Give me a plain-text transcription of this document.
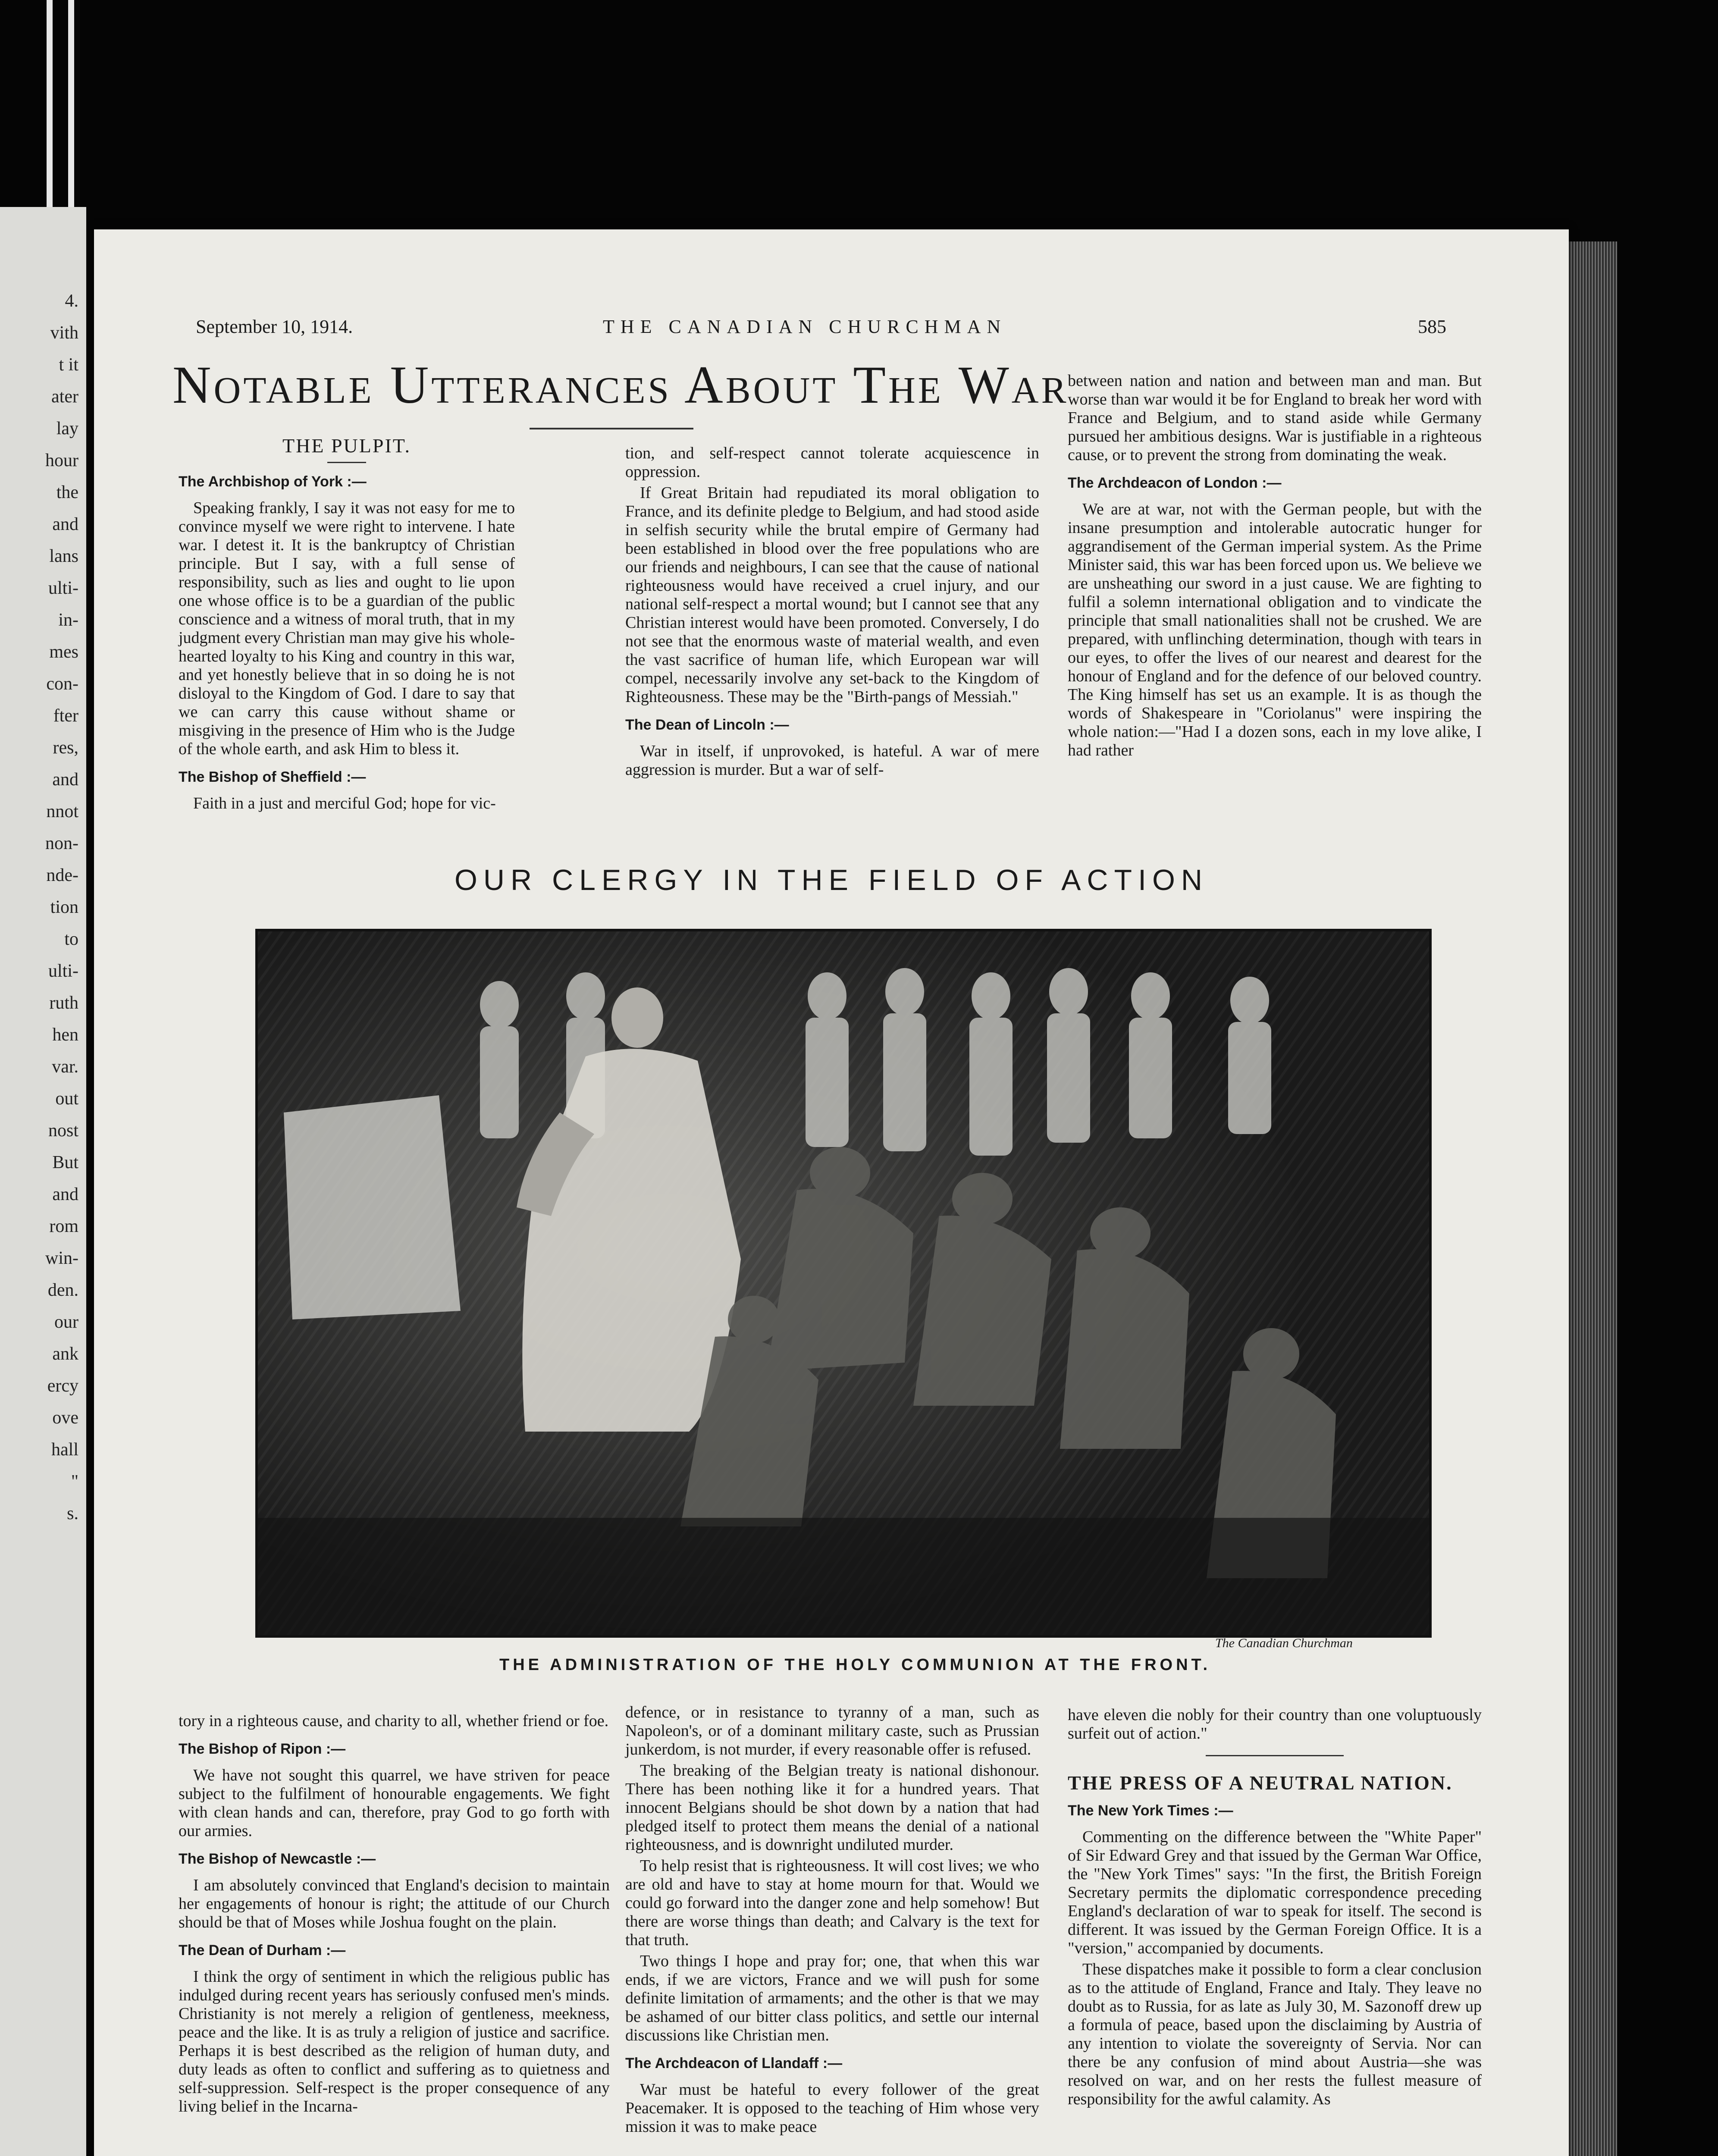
4.
vith
t it
ater
lay
hour
the
and
lans
ulti-
in-
mes
con-
fter
res,
and
nnot
non-
nde-
tion
to
ulti-
ruth
hen
var.
out
nost
But
and
rom
win-
den.
our
ank
ercy
ove
hall
"
s.
September 10, 1914.	THE CANADIAN CHURCHMAN	585
Notable Utterances About The War
THE PULPIT.
The Archbishop of York :—

Speaking frankly, I say it was not easy for me to convince myself we were right to intervene. I hate war. I detest it. It is the bankruptcy of Christian principle. But I say, with a full sense of responsibility, such as lies and ought to lie upon one whose office is to be a guardian of the public conscience and a witness of moral truth, that in my judgment every Christian man may give his whole-hearted loyalty to his King and country in this war, and yet honestly believe that in so doing he is not disloyal to the Kingdom of God. I dare to say that we can carry this cause without shame or misgiving in the presence of Him who is the Judge of the whole earth, and ask Him to bless it.

The Bishop of Sheffield :—

Faith in a just and merciful God; hope for vic-

tion, and self-respect cannot tolerate acquiescence in oppression.

If Great Britain had repudiated its moral obligation to France, and its definite pledge to Belgium, and had stood aside in selfish security while the brutal empire of Germany had been established in blood over the free populations who are our friends and neighbours, I can see that the cause of national righteousness would have received a cruel injury, and our national self-respect a mortal wound; but I cannot see that any Christian interest would have been promoted. Conversely, I do not see that the enormous waste of material wealth, and even the vast sacrifice of human life, which European war will compel, necessarily involve any set-back to the Kingdom of Righteousness. These may be the "Birth-pangs of Messiah."

The Dean of Lincoln :—

War in itself, if unprovoked, is hateful. A war of mere aggression is murder. But a war of self-

between nation and nation and between man and man. But worse than war would it be for England to break her word with France and Belgium, and to stand aside while Germany pursued her ambitious designs. War is justifiable in a righteous cause, or to prevent the strong from dominating the weak.

The Archdeacon of London :—

We are at war, not with the German people, but with the insane presumption and intolerable autocratic hunger for aggrandisement of the German imperial system. As the Prime Minister said, this war has been forced upon us. We believe we are unsheathing our sword in a just cause. We are fighting to fulfil a solemn international obligation and to vindicate the principle that small nationalities shall not be crushed. We are prepared, with unflinching determination, though with tears in our eyes, to offer the lives of our nearest and dearest for the honour of England and for the defence of our beloved country. The King himself has set us an example. It is as though the words of Shakespeare in "Coriolanus" were inspiring the whole nation:—"Had I a dozen sons, each in my love alike, I had rather

OUR CLERGY IN THE FIELD OF ACTION
The Canadian Churchman
THE ADMINISTRATION OF THE HOLY COMMUNION AT THE FRONT.

tory in a righteous cause, and charity to all, whether friend or foe.

The Bishop of Ripon :—

We have not sought this quarrel, we have striven for peace subject to the fulfilment of honourable engagements. We fight with clean hands and can, therefore, pray God to go forth with our armies.

The Bishop of Newcastle :—

I am absolutely convinced that England's decision to maintain her engagements of honour is right; the attitude of our Church should be that of Moses while Joshua fought on the plain.

The Dean of Durham :—

I think the orgy of sentiment in which the religious public has indulged during recent years has seriously confused men's minds. Christianity is not merely a religion of gentleness, meekness, peace and the like. It is as truly a religion of justice and sacrifice. Perhaps it is best described as the religion of human duty, and duty leads as often to conflict and suffering as to quietness and self-suppression. Self-respect is the proper consequence of any living belief in the Incarna-

defence, or in resistance to tyranny of a man, such as Napoleon's, or of a dominant military caste, such as Prussian junkerdom, is not murder, if every reasonable offer is refused.

The breaking of the Belgian treaty is national dishonour. There has been nothing like it for a hundred years. That innocent Belgians should be shot down by a nation that had pledged itself to protect them means the denial of a national righteousness, and is downright undiluted murder.

To help resist that is righteousness. It will cost lives; we who are old and have to stay at home mourn for that. Would we could go forward into the danger zone and help somehow! But there are worse things than death; and Calvary is the text for that truth.

Two things I hope and pray for; one, that when this war ends, if we are victors, France and we will push for some definite limitation of armaments; and the other is that we may be ashamed of our bitter class politics, and settle our internal discussions like Christian men.

The Archdeacon of Llandaff :—

War must be hateful to every follower of the great Peacemaker. It is opposed to the teaching of Him whose very mission it was to make peace

have eleven die nobly for their country than one voluptuously surfeit out of action."

THE PRESS OF A NEUTRAL NATION.
The New York Times :—

Commenting on the difference between the "White Paper" of Sir Edward Grey and that issued by the German War Office, the "New York Times" says: "In the first, the British Foreign Secretary permits the diplomatic correspondence preceding England's declaration of war to speak for itself. The second is different. It was issued by the German Foreign Office. It is a "version," accompanied by documents.

These dispatches make it possible to form a clear conclusion as to the attitude of England, France and Italy. They leave no doubt as to Russia, for as late as July 30, M. Sazonoff drew up a formula of peace, based upon the disclaiming by Austria of any intention to violate the sovereignty of Servia. Nor can there be any confusion of mind about Austria—she was resolved on war, and on her rests the fullest measure of responsibility for the awful calamity. As
